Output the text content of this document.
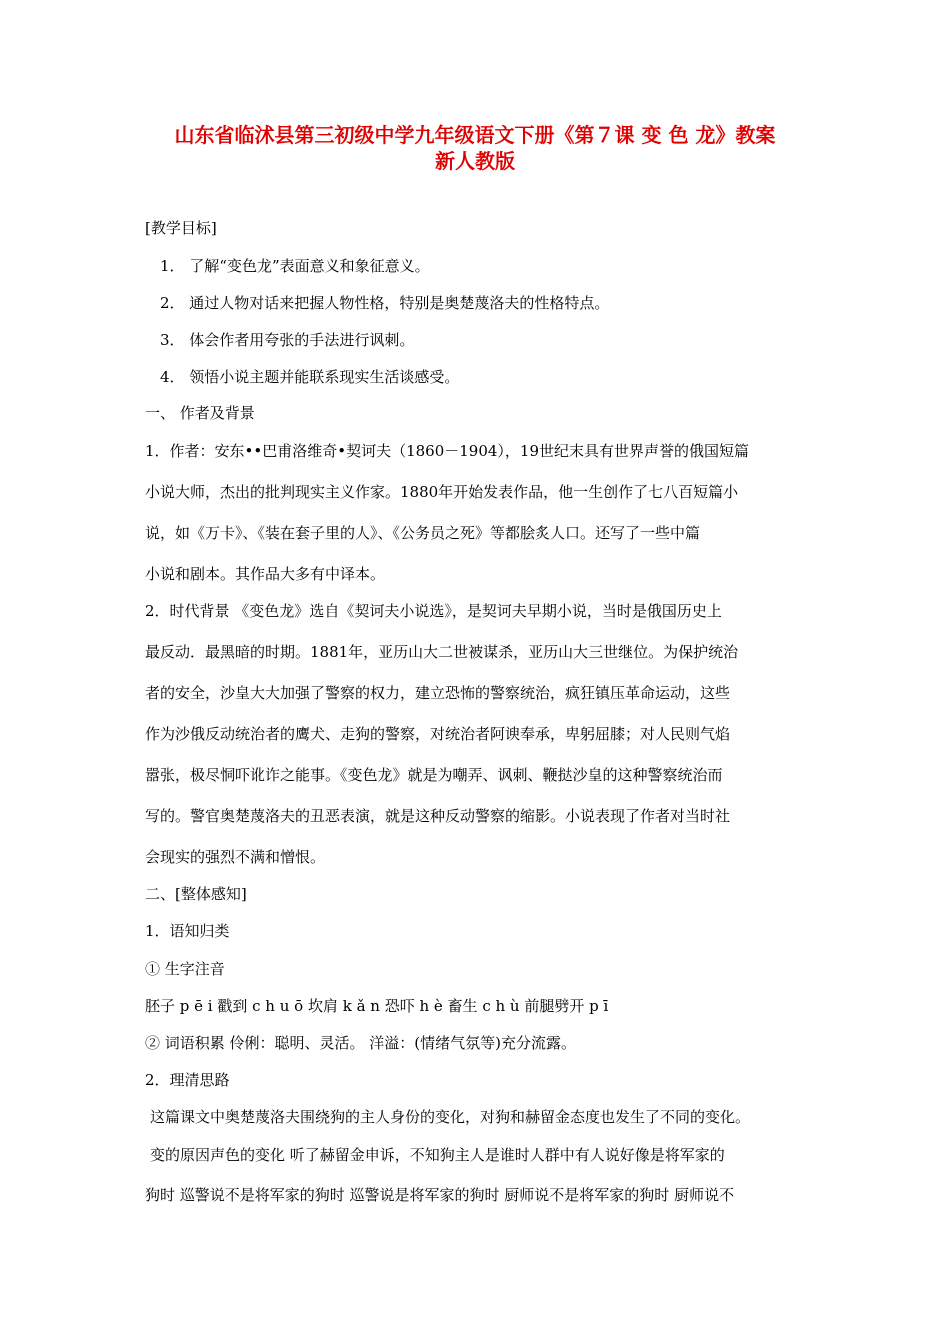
山东省临沭县第三初级中学九年级语文下册《第７课 变 色 龙》教案
新人教版
[教学目标]
1． 了解“变色龙”表面意义和象征意义。
2． 通过人物对话来把握人物性格，特别是奥楚蔑洛夫的性格特点。
3． 体会作者用夸张的手法进行讽刺。
4． 领悟小说主题并能联系现实生活谈感受。
一、 作者及背景
1．作者：安东••巴甫洛维奇•契诃夫（1860－1904），19世纪末具有世界声誉的俄国短篇
小说大师，杰出的批判现实主义作家。1880年开始发表作品，他一生创作了七八百短篇小
说，如《万卡》、《装在套子里的人》、《公务员之死》等都脍炙人口。还写了一些中篇
小说和剧本。其作品大多有中译本。
2．时代背景 《变色龙》选自《契诃夫小说选》，是契诃夫早期小说，当时是俄国历史上
最反动．最黑暗的时期。1881年，亚历山大二世被谋杀，亚历山大三世继位。为保护统治
者的安全，沙皇大大加强了警察的权力，建立恐怖的警察统治，疯狂镇压革命运动，这些
作为沙俄反动统治者的鹰犬、走狗的警察，对统治者阿谀奉承，卑躬屈膝；对人民则气焰
嚣张，极尽恫吓讹诈之能事。《变色龙》就是为嘲弄、讽刺、鞭挞沙皇的这种警察统治而
写的。警官奥楚蔑洛夫的丑恶表演，就是这种反动警察的缩影。小说表现了作者对当时社
会现实的强烈不满和憎恨。
二、[整体感知]
1．语知归类
① 生字注音
胚子 p ē i 戳到 c h u ō 坎肩 k ǎ n 恐吓 h è 畜生 c h ù 前腿劈开 p ī
② 词语积累 伶俐：聪明、灵活。 洋溢：(情绪气氛等)充分流露。
2．理清思路
这篇课文中奥楚蔑洛夫围绕狗的主人身份的变化，对狗和赫留金态度也发生了不同的变化。
变的原因声色的变化 听了赫留金申诉，不知狗主人是谁时人群中有人说好像是将军家的
狗时 巡警说不是将军家的狗时 巡警说是将军家的狗时 厨师说不是将军家的狗时 厨师说不
